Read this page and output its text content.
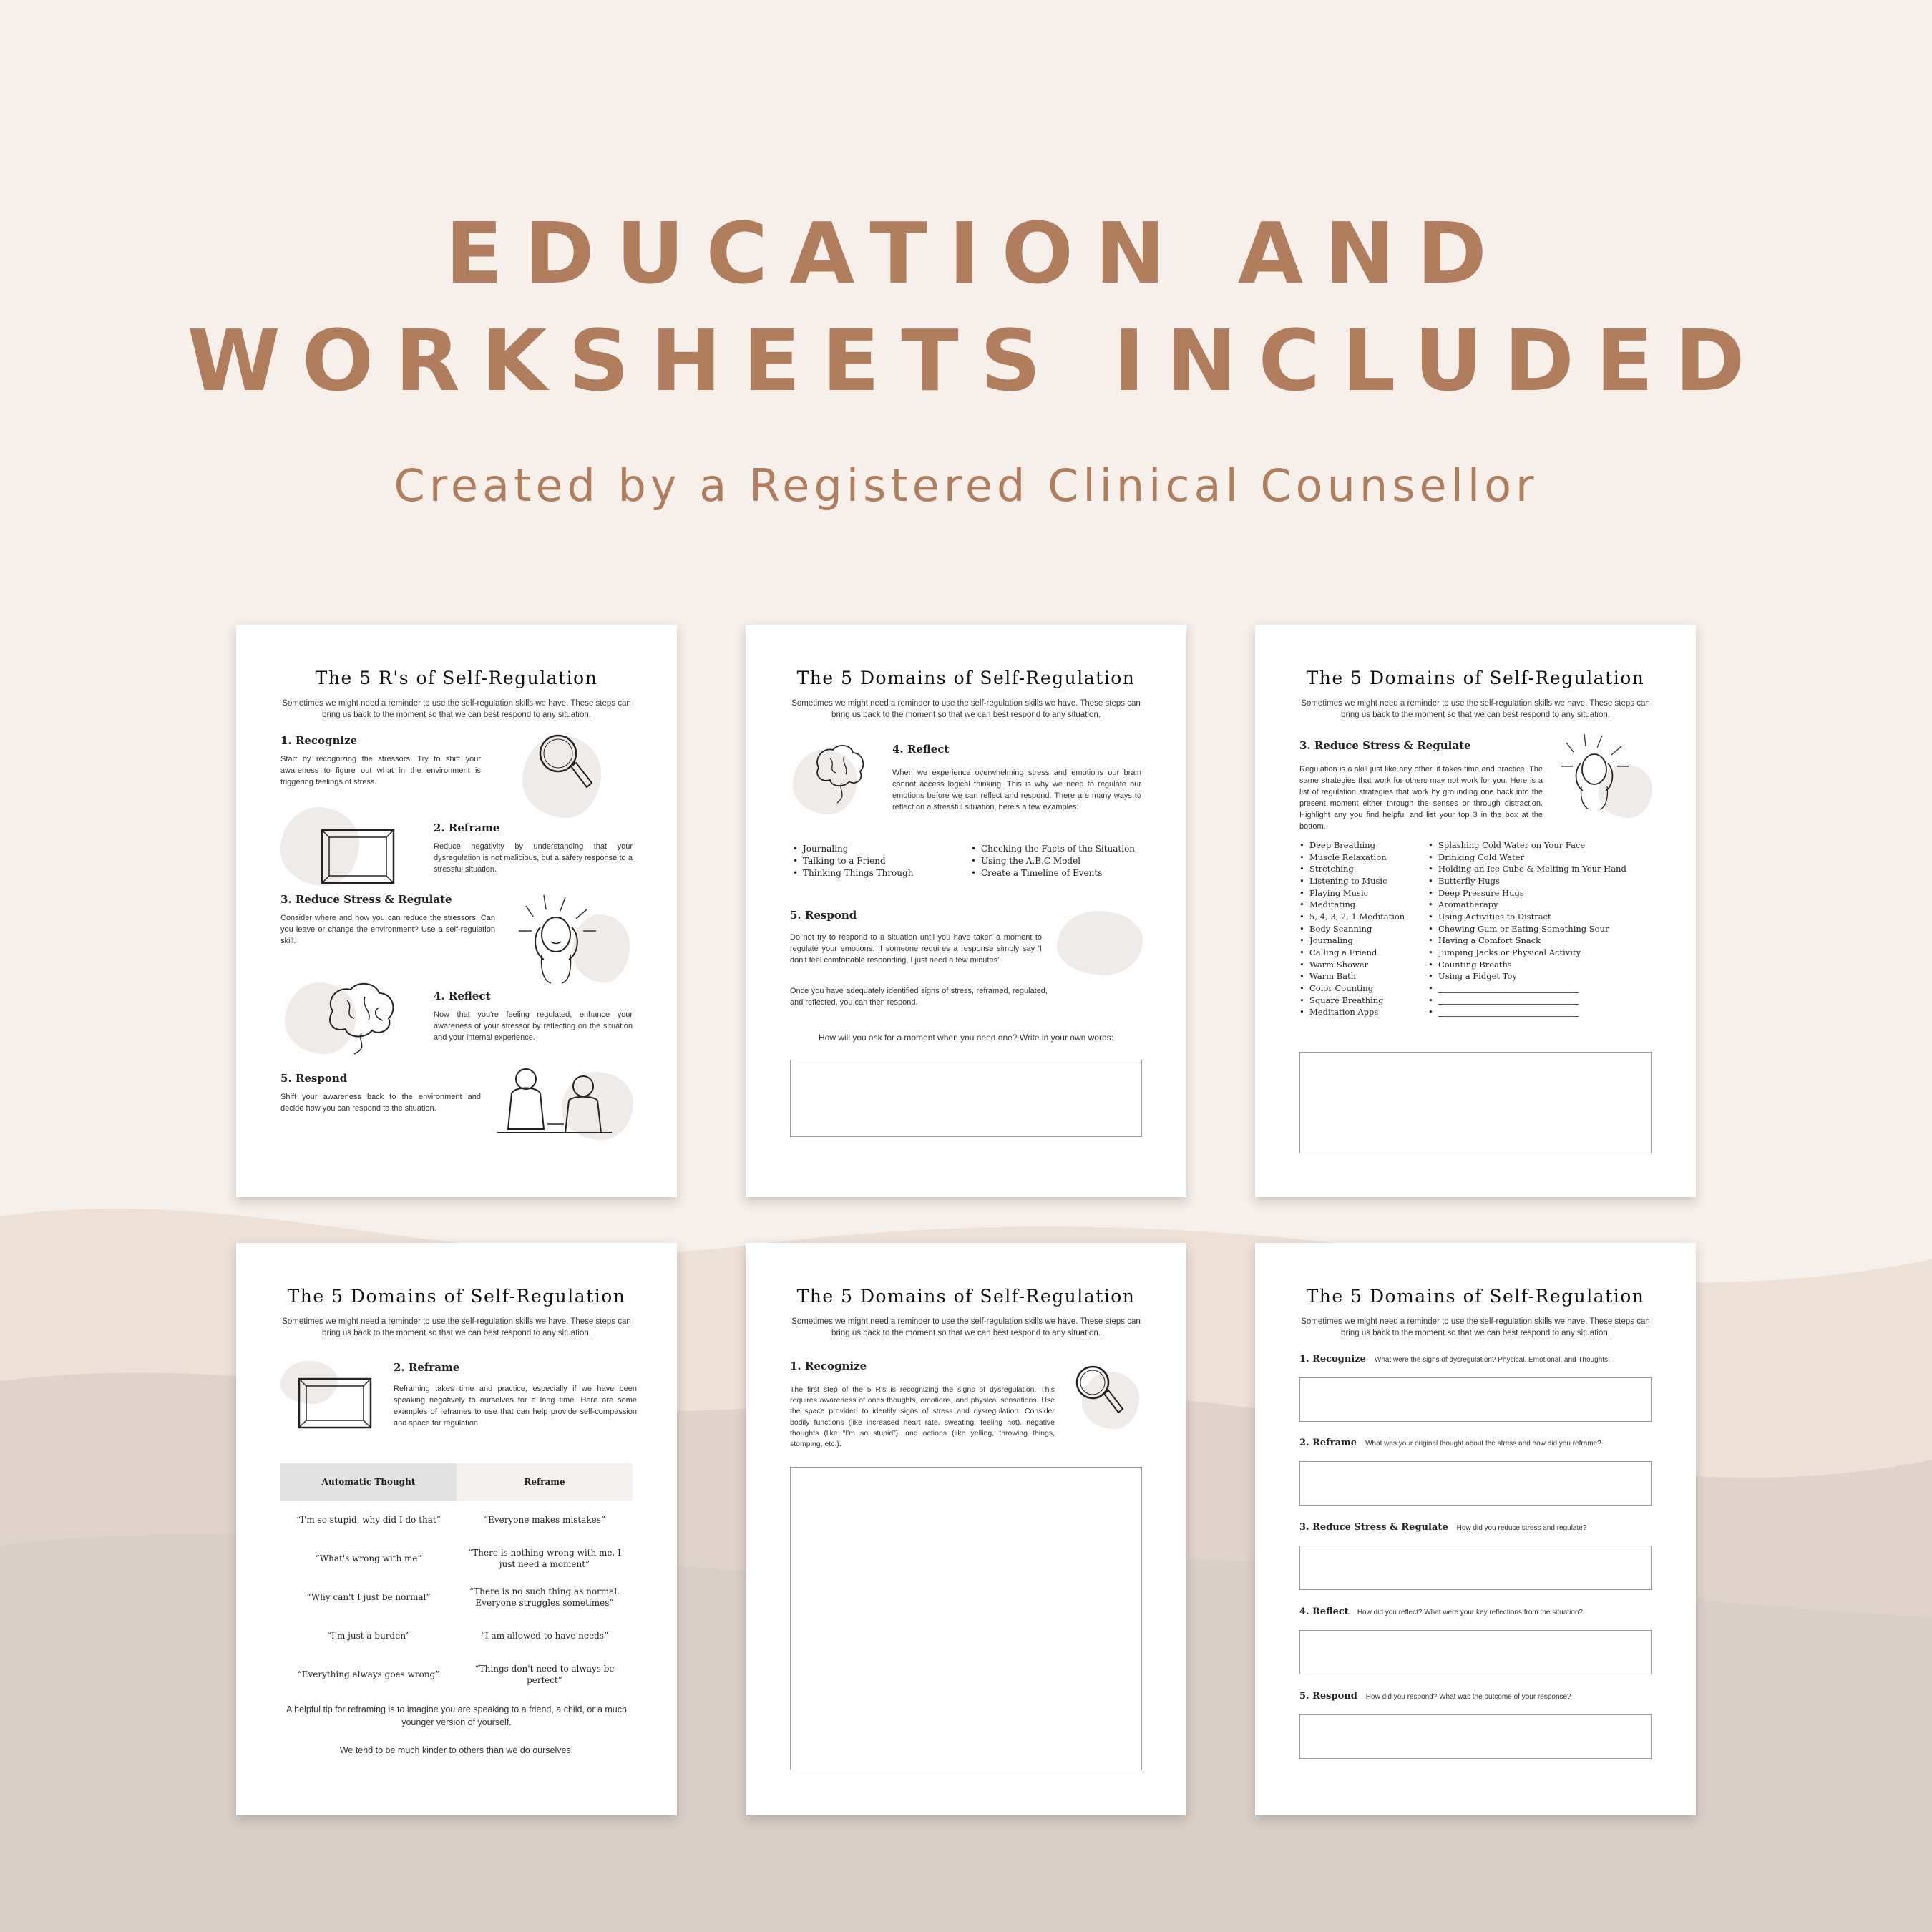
EDUCATION AND
WORKSHEETS INCLUDED
Created by a Registered Clinical Counsellor
The 5 R's of Self-Regulation
Sometimes we might need a reminder to use the self-regulation skills we have. These steps can bring us back to the moment so that we can best respond to any situation.
1. Recognize
Start by recognizing the stressors. Try to shift your awareness to figure out what in the environment is triggering feelings of stress.
2. Reframe
Reduce negativity by understanding that your dysregulation is not malicious, but a safety response to a stressful situation.
3. Reduce Stress & Regulate
Consider where and how you can reduce the stressors. Can you leave or change the environment? Use a self-regulation skill.
4. Reflect
Now that you're feeling regulated, enhance your awareness of your stressor by reflecting on the situation and your internal experience.
5. Respond
Shift your awareness back to the environment and decide how you can respond to the situation.
The 5 Domains of Self-Regulation
Sometimes we might need a reminder to use the self-regulation skills we have. These steps can bring us back to the moment so that we can best respond to any situation.
4. Reflect
When we experience overwhelming stress and emotions our brain cannot access logical thinking. This is why we need to regulate our emotions before we can reflect and respond. There are many ways to reflect on a stressful situation, here's a few examples:
• Journaling
• Talking to a Friend
• Thinking Things Through
• Checking the Facts of the Situation
• Using the A,B,C Model
• Create a Timeline of Events
5. Respond
Do not try to respond to a situation until you have taken a moment to regulate your emotions. If someone requires a response simply say 'I don't feel comfortable responding, I just need a few minutes'.
Once you have adequately identified signs of stress, reframed, regulated, and reflected, you can then respond.
How will you ask for a moment when you need one? Write in your own words:
The 5 Domains of Self-Regulation
Sometimes we might need a reminder to use the self-regulation skills we have. These steps can bring us back to the moment so that we can best respond to any situation.
3. Reduce Stress & Regulate
Regulation is a skill just like any other, it takes time and practice. The same strategies that work for others may not work for you. Here is a list of regulation strategies that work by grounding one back into the present moment either through the senses or through distraction. Highlight any you find helpful and list your top 3 in the box at the bottom.
• Deep Breathing
• Muscle Relaxation
• Stretching
• Listening to Music
• Playing Music
• Meditating
• 5, 4, 3, 2, 1 Meditation
• Body Scanning
• Journaling
• Calling a Friend
• Warm Shower
• Warm Bath
• Color Counting
• Square Breathing
• Meditation Apps
• Splashing Cold Water on Your Face
• Drinking Cold Water
• Holding an Ice Cube & Melting in Your Hand
• Butterfly Hugs
• Deep Pressure Hugs
• Aromatherapy
• Using Activities to Distract
• Chewing Gum or Eating Something Sour
• Having a Comfort Snack
• Jumping Jacks or Physical Activity
• Counting Breaths
• Using a Fidget Toy
•
•
•
The 5 Domains of Self-Regulation
Sometimes we might need a reminder to use the self-regulation skills we have. These steps can bring us back to the moment so that we can best respond to any situation.
2. Reframe
Reframing takes time and practice, especially if we have been speaking negatively to ourselves for a long time. Here are some examples of reframes to use that can help provide self-compassion and space for regulation.
Automatic Thought	Reframe
“I'm so stupid, why did I do that”	“Everyone makes mistakes”
“What's wrong with me”	“There is nothing wrong with me, I just need a moment”
“Why can't I just be normal”	“There is no such thing as normal. Everyone struggles sometimes”
“I'm just a burden”	“I am allowed to have needs”
“Everything always goes wrong”	“Things don't need to always be perfect”
A helpful tip for reframing is to imagine you are speaking to a friend, a child, or a much younger version of yourself.
We tend to be much kinder to others than we do ourselves.
The 5 Domains of Self-Regulation
Sometimes we might need a reminder to use the self-regulation skills we have. These steps can bring us back to the moment so that we can best respond to any situation.
1. Recognize
The first step of the 5 R's is recognizing the signs of dysregulation. This requires awareness of ones thoughts, emotions, and physical sensations. Use the space provided to identify signs of stress and dysregulation. Consider bodily functions (like increased heart rate, sweating, feeling hot), negative thoughts (like “I'm so stupid”), and actions (like yelling, throwing things, stomping, etc.).
The 5 Domains of Self-Regulation
Sometimes we might need a reminder to use the self-regulation skills we have. These steps can bring us back to the moment so that we can best respond to any situation.
1. Recognize What were the signs of dysregulation? Physical, Emotional, and Thoughts.
2. Reframe What was your original thought about the stress and how did you reframe?
3. Reduce Stress & Regulate How did you reduce stress and regulate?
4. Reflect How did you reflect? What were your key reflections from the situation?
5. Respond How did you respond? What was the outcome of your response?
